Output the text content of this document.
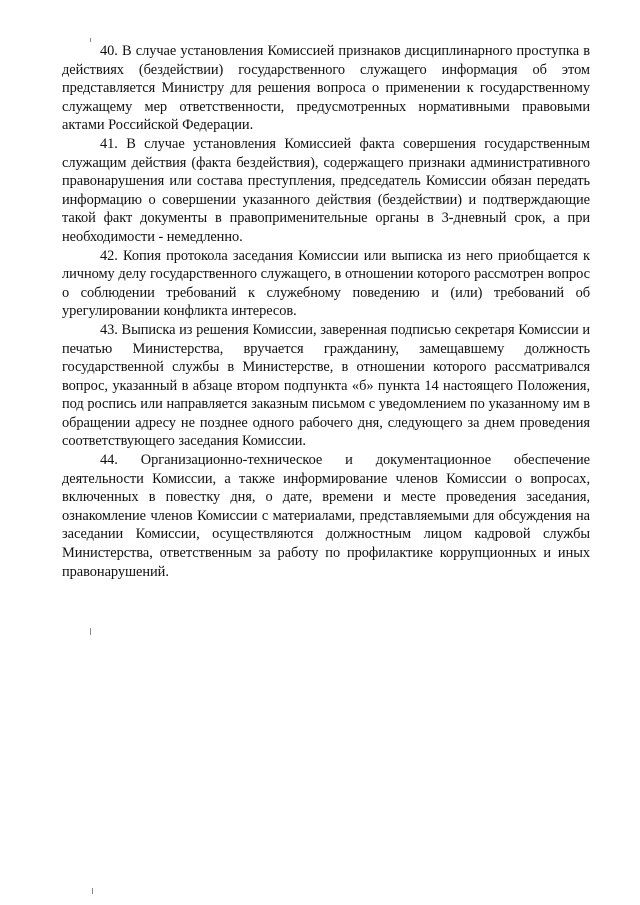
40. В случае установления Комиссией признаков дисциплинарного проступка в действиях (бездействии) государственного служащего информация об этом представляется Министру для решения вопроса о применении к государственному служащему мер ответственности, предусмотренных нормативными правовыми актами Российской Федерации.

41. В случае установления Комиссией факта совершения государственным служащим действия (факта бездействия), содержащего признаки административного правонарушения или состава преступления, председатель Комиссии обязан передать информацию о совершении указанного действия (бездействии) и подтверждающие такой факт документы в правоприменительные органы в 3-дневный срок, а при необходимости - немедленно.

42. Копия протокола заседания Комиссии или выписка из него приобщается к личному делу государственного служащего, в отношении которого рассмотрен вопрос о соблюдении требований к служебному поведению и (или) требований об урегулировании конфликта интересов.

43. Выписка из решения Комиссии, заверенная подписью секретаря Комиссии и печатью Министерства, вручается гражданину, замещавшему должность государственной службы в Министерстве, в отношении которого рассматривался вопрос, указанный в абзаце втором подпункта «б» пункта 14 настоящего Положения, под роспись или направляется заказным письмом с уведомлением по указанному им в обращении адресу не позднее одного рабочего дня, следующего за днем проведения соответствующего заседания Комиссии.

44. Организационно-техническое и документационное обеспечение деятельности Комиссии, а также информирование членов Комиссии о вопросах, включенных в повестку дня, о дате, времени и месте проведения заседания, ознакомление членов Комиссии с материалами, представляемыми для обсуждения на заседании Комиссии, осуществляются должностным лицом кадровой службы Министерства, ответственным за работу по профилактике коррупционных и иных правонарушений.
